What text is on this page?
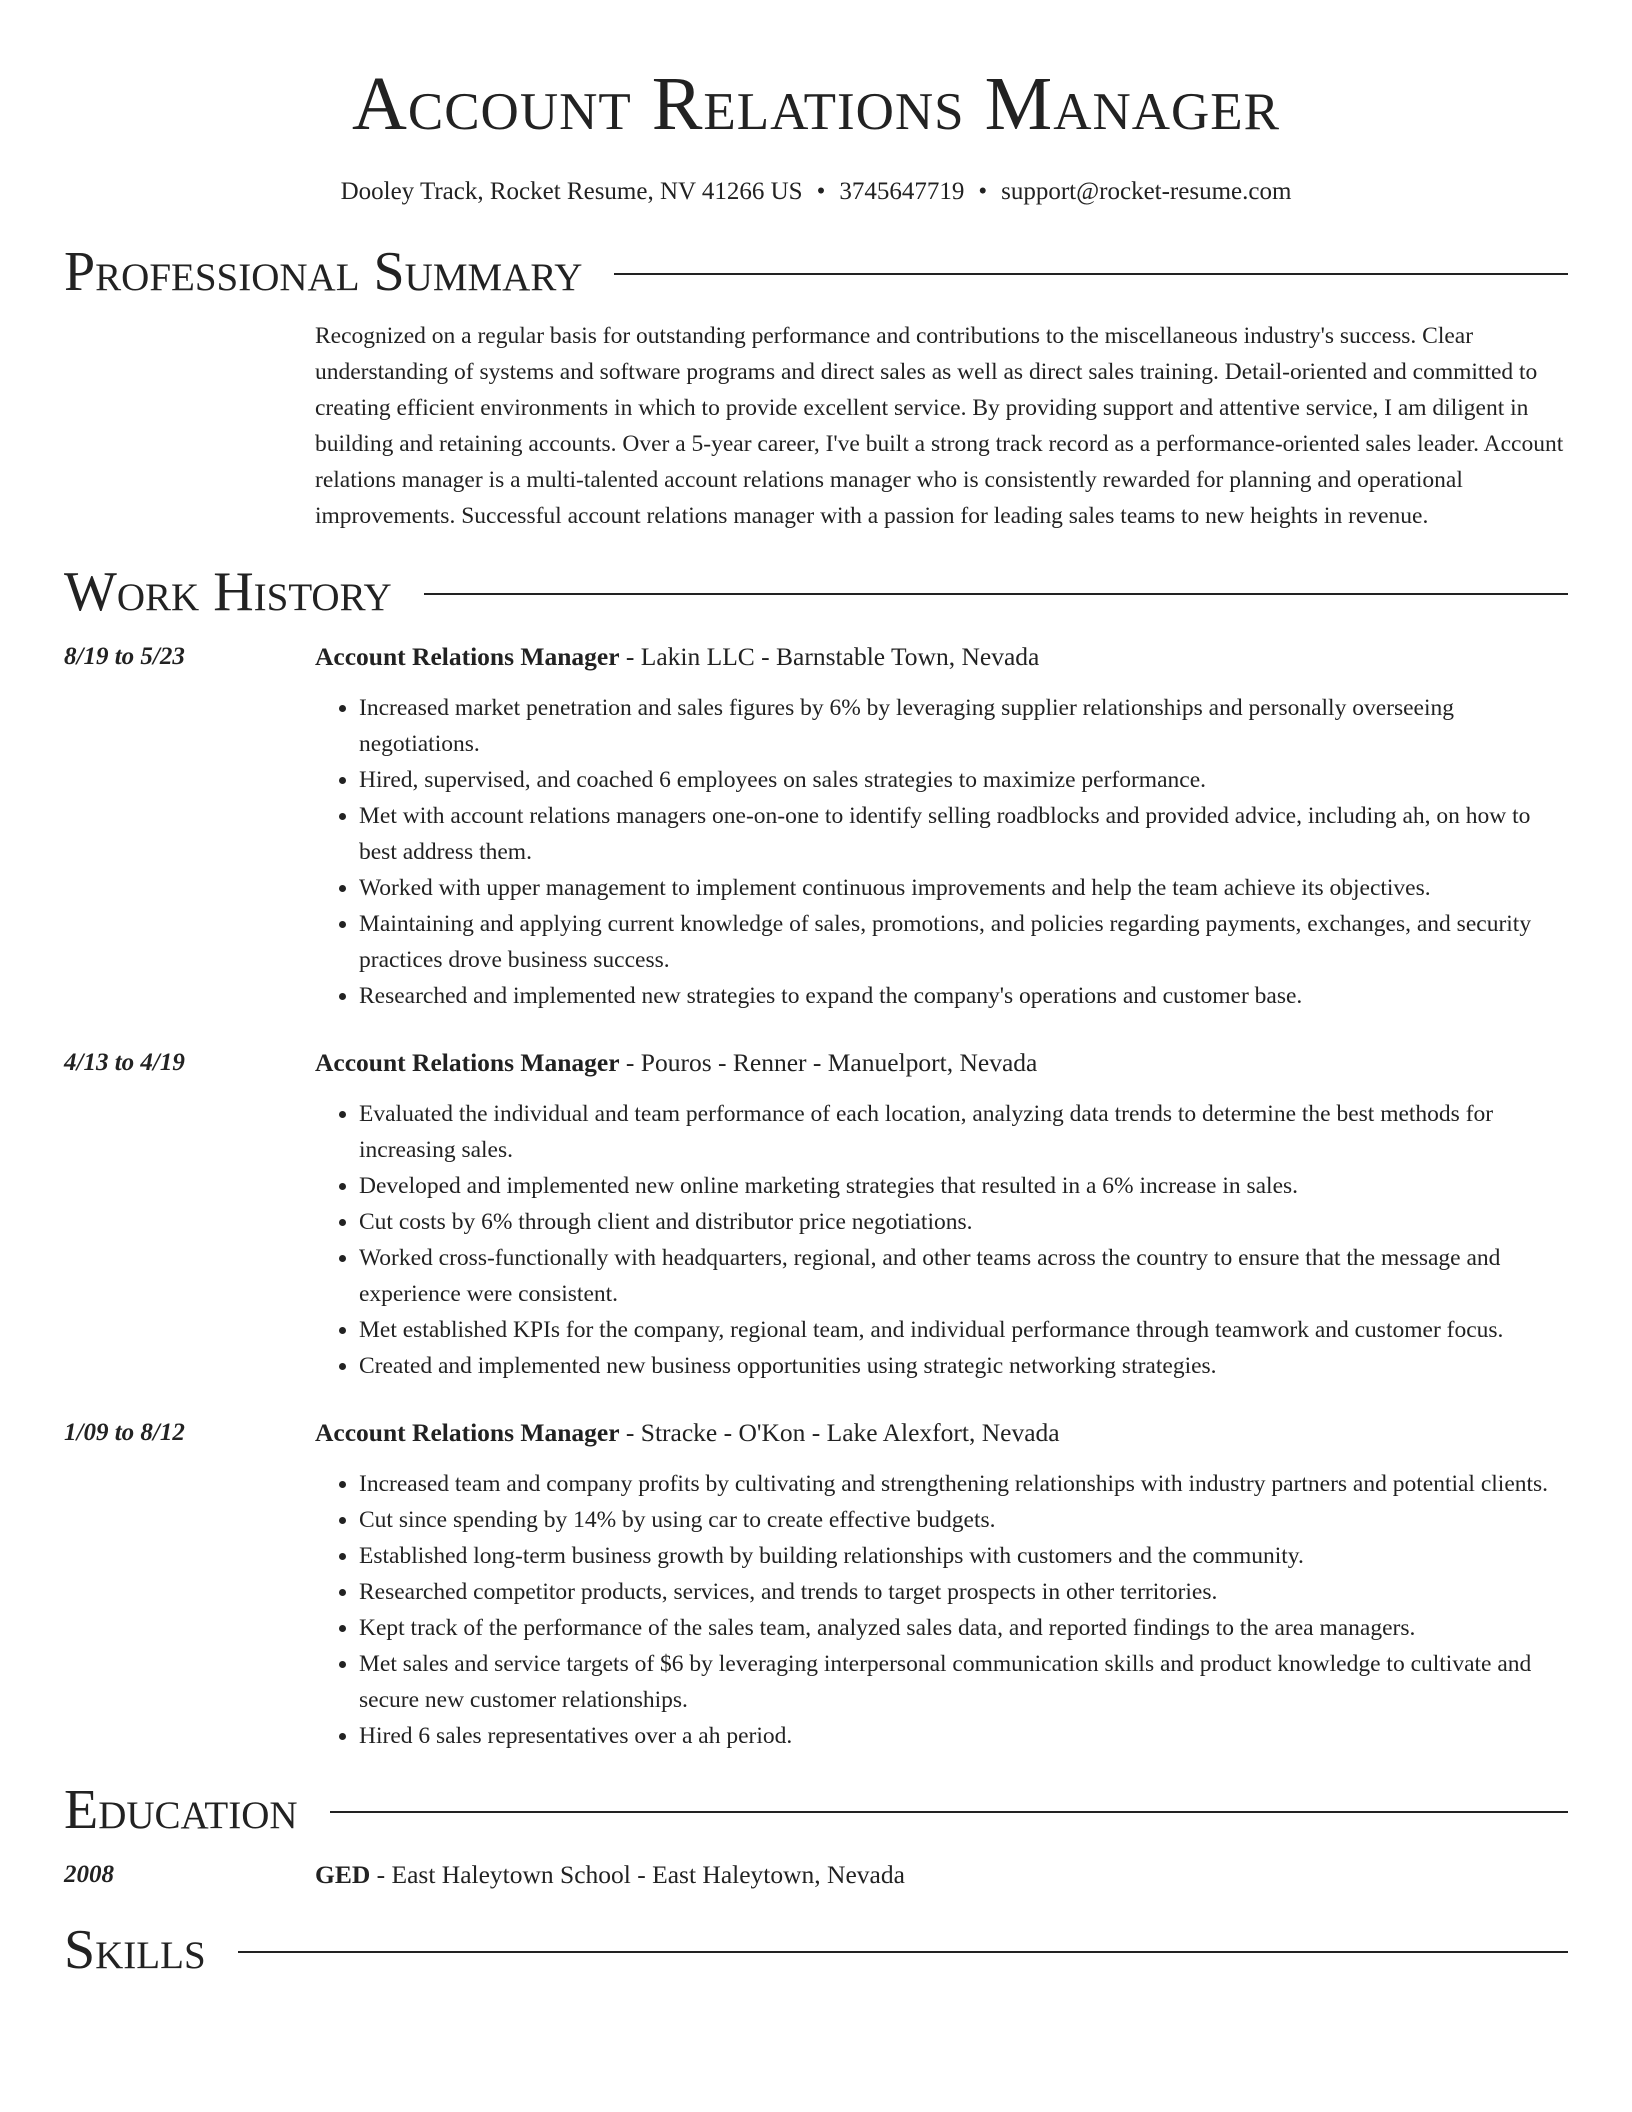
Account Relations Manager
Dooley Track, Rocket Resume, NV 41266 US • 3745647719 • support@rocket-resume.com
Professional Summary
Recognized on a regular basis for outstanding performance and contributions to the miscellaneous industry's success. Clear understanding of systems and software programs and direct sales as well as direct sales training. Detail-oriented and committed to creating efficient environments in which to provide excellent service. By providing support and attentive service, I am diligent in building and retaining accounts. Over a 5-year career, I've built a strong track record as a performance-oriented sales leader. Account relations manager is a multi-talented account relations manager who is consistently rewarded for planning and operational improvements. Successful account relations manager with a passion for leading sales teams to new heights in revenue.
Work History
8/19 to 5/23	Account Relations Manager - Lakin LLC - Barnstable Town, Nevada
• Increased market penetration and sales figures by 6% by leveraging supplier relationships and personally overseeing negotiations.
• Hired, supervised, and coached 6 employees on sales strategies to maximize performance.
• Met with account relations managers one-on-one to identify selling roadblocks and provided advice, including ah, on how to best address them.
• Worked with upper management to implement continuous improvements and help the team achieve its objectives.
• Maintaining and applying current knowledge of sales, promotions, and policies regarding payments, exchanges, and security practices drove business success.
• Researched and implemented new strategies to expand the company's operations and customer base.
4/13 to 4/19	Account Relations Manager - Pouros - Renner - Manuelport, Nevada
• Evaluated the individual and team performance of each location, analyzing data trends to determine the best methods for increasing sales.
• Developed and implemented new online marketing strategies that resulted in a 6% increase in sales.
• Cut costs by 6% through client and distributor price negotiations.
• Worked cross-functionally with headquarters, regional, and other teams across the country to ensure that the message and experience were consistent.
• Met established KPIs for the company, regional team, and individual performance through teamwork and customer focus.
• Created and implemented new business opportunities using strategic networking strategies.
1/09 to 8/12	Account Relations Manager - Stracke - O'Kon - Lake Alexfort, Nevada
• Increased team and company profits by cultivating and strengthening relationships with industry partners and potential clients.
• Cut since spending by 14% by using car to create effective budgets.
• Established long-term business growth by building relationships with customers and the community.
• Researched competitor products, services, and trends to target prospects in other territories.
• Kept track of the performance of the sales team, analyzed sales data, and reported findings to the area managers.
• Met sales and service targets of $6 by leveraging interpersonal communication skills and product knowledge to cultivate and secure new customer relationships.
• Hired 6 sales representatives over a ah period.
Education
2008	GED - East Haleytown School - East Haleytown, Nevada
Skills
